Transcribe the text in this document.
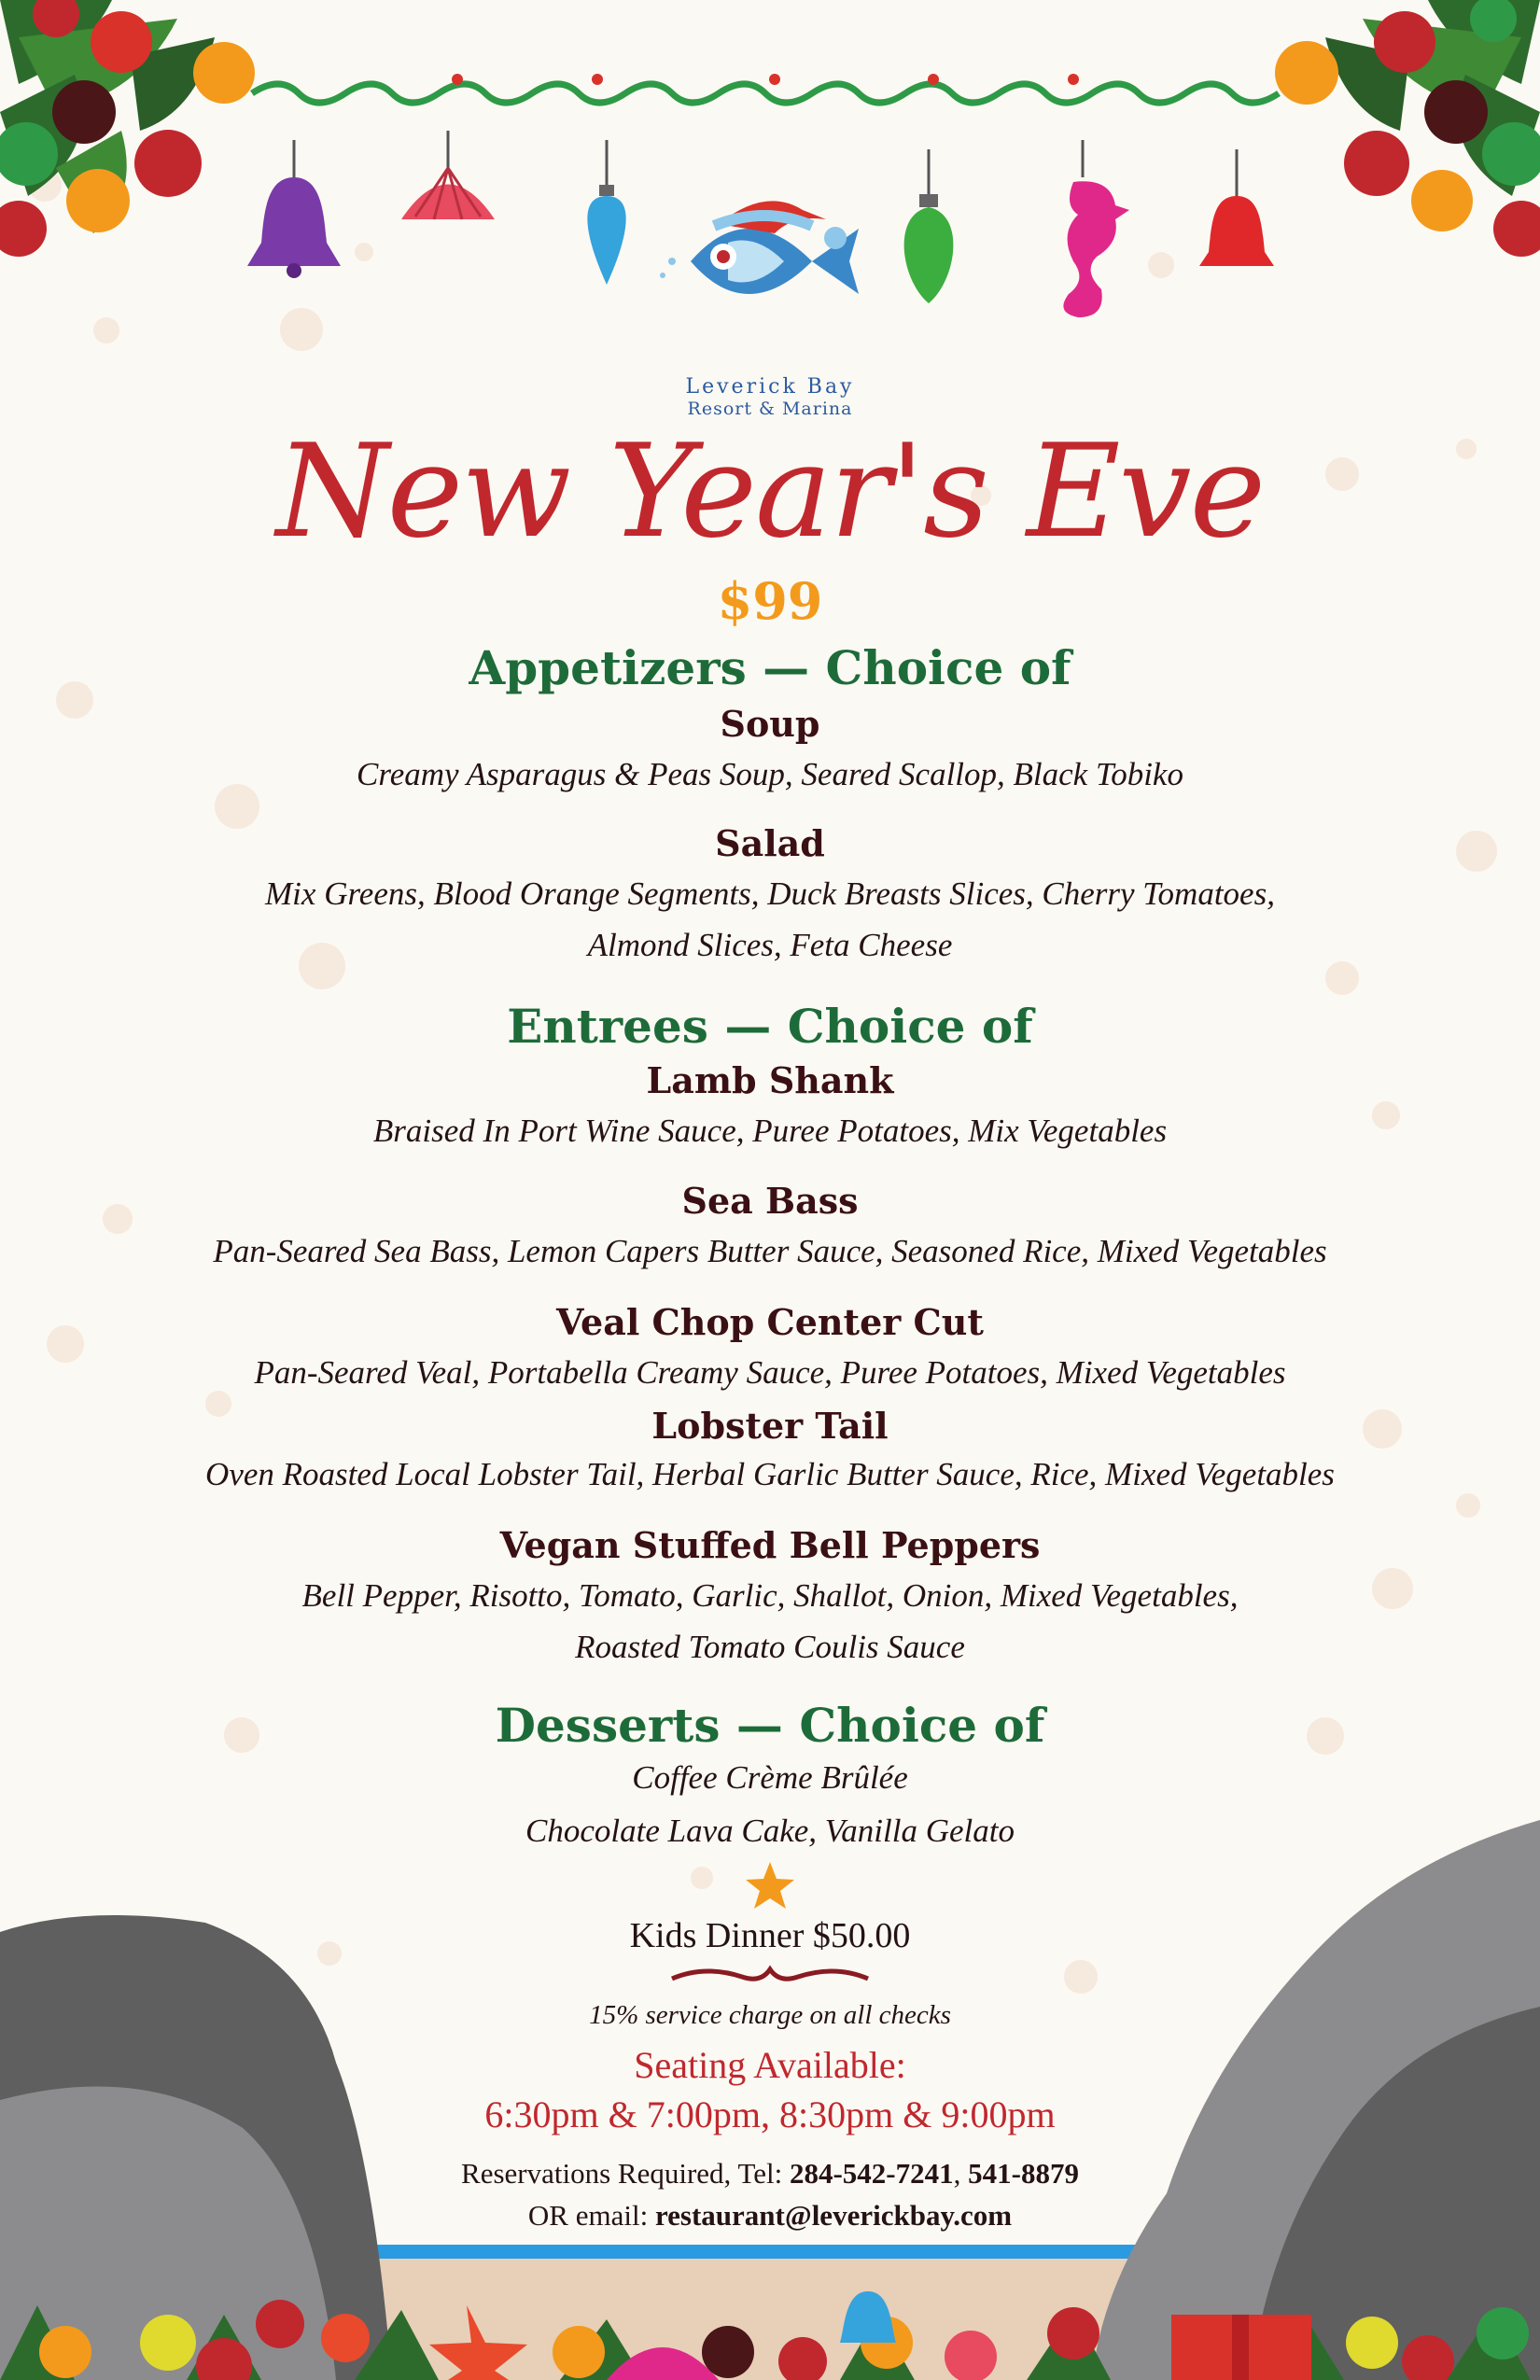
Leverick Bay
Resort & Marina
New Year's Eve
$99
Appetizers — Choice of
Soup
Creamy Asparagus & Peas Soup, Seared Scallop, Black Tobiko
Salad
Mix Greens, Blood Orange Segments, Duck Breasts Slices, Cherry Tomatoes,
Almond Slices, Feta Cheese
Entrees — Choice of
Lamb Shank
Braised In Port Wine Sauce, Puree Potatoes, Mix Vegetables
Sea Bass
Pan-Seared Sea Bass, Lemon Capers Butter Sauce, Seasoned Rice, Mixed Vegetables
Veal Chop Center Cut
Pan-Seared Veal, Portabella Creamy Sauce, Puree Potatoes, Mixed Vegetables
Lobster Tail
Oven Roasted Local Lobster Tail, Herbal Garlic Butter Sauce, Rice, Mixed Vegetables
Vegan Stuffed Bell Peppers
Bell Pepper, Risotto, Tomato, Garlic, Shallot, Onion, Mixed Vegetables,
Roasted Tomato Coulis Sauce
Desserts — Choice of
Coffee Crème Brûlée
Chocolate Lava Cake, Vanilla Gelato
Kids Dinner $50.00
15% service charge on all checks
Seating Available:
6:30pm & 7:00pm, 8:30pm & 9:00pm
Reservations Required, Tel: 284-542-7241, 541-8879
OR email: restaurant@leverickbay.com
